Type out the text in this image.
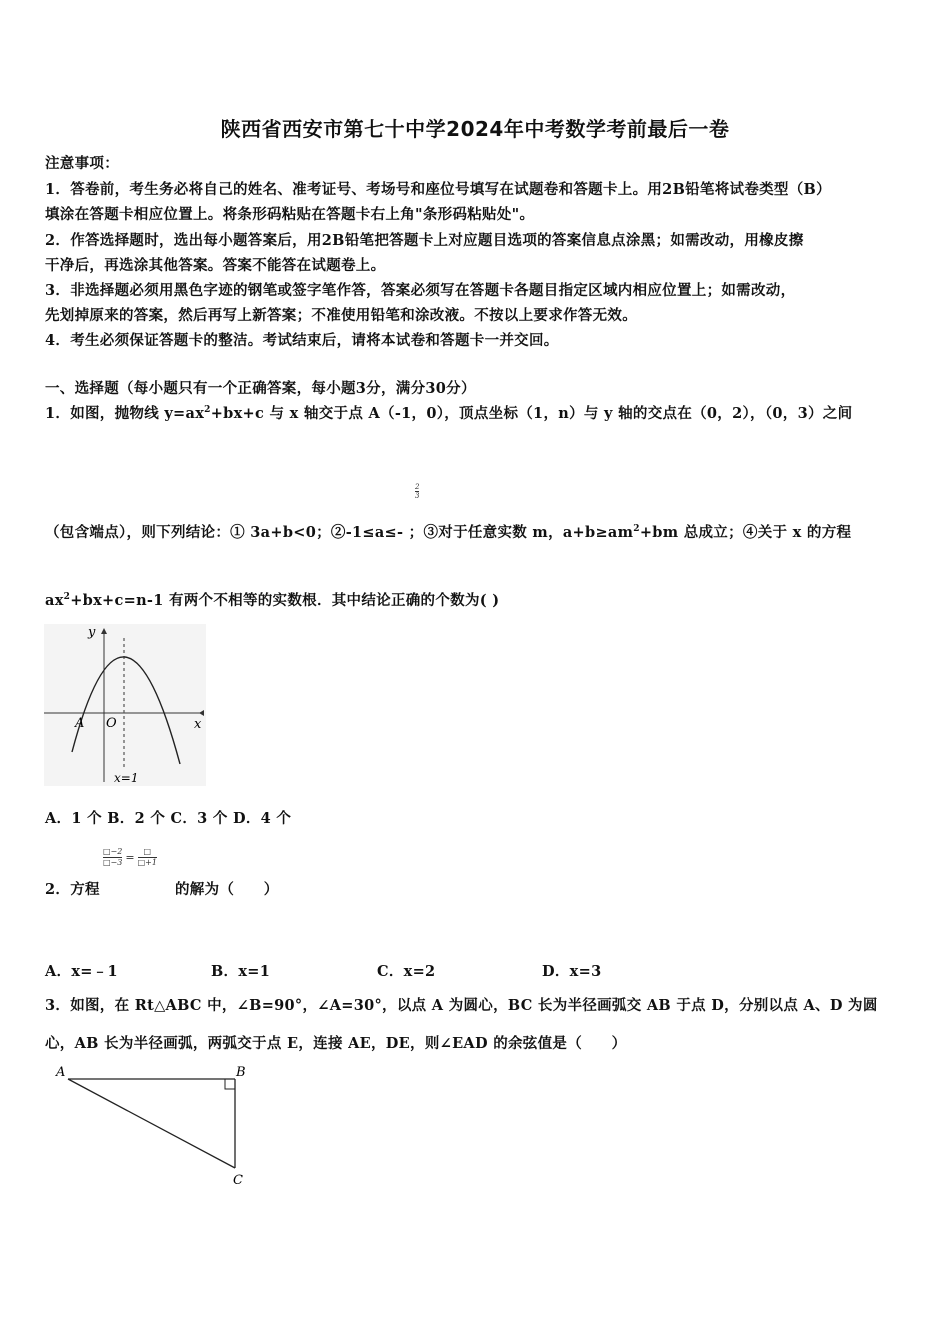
陕西省西安市第七十中学2024年中考数学考前最后一卷
注意事项：
1．答卷前，考生务必将自己的姓名、准考证号、考场号和座位号填写在试题卷和答题卡上。用2B铅笔将试卷类型（B）
填涂在答题卡相应位置上。将条形码粘贴在答题卡右上角"条形码粘贴处"。
2．作答选择题时，选出每小题答案后，用2B铅笔把答题卡上对应题目选项的答案信息点涂黑；如需改动，用橡皮擦
干净后，再选涂其他答案。答案不能答在试题卷上。
3．非选择题必须用黑色字迹的钢笔或签字笔作答，答案必须写在答题卡各题目指定区域内相应位置上；如需改动，
先划掉原来的答案，然后再写上新答案；不准使用铅笔和涂改液。不按以上要求作答无效。
4．考生必须保证答题卡的整洁。考试结束后，请将本试卷和答题卡一并交回。
一、选择题（每小题只有一个正确答案，每小题3分，满分30分）
1．如图，抛物线 $y=ax^2+bx+c$ 与 x 轴交于点 A（-1，0），顶点坐标（1，n）与 y 轴的交点在（0，2），（0，3）之间
$\frac{2}{3}$
（包含端点），则下列结论：① 3a+b<0；②-1≤a≤- ；③对于任意实数 m，$a+b\ge am^2+bm$ 总成立；④关于 x 的方程
$ax^2+bx+c=n-1$ 有两个不相等的实数根．其中结论正确的个数为( )
y
x
A O
x=1
A．1 个 B．2 个 C．3 个 D．4 个
$\frac{□-2}{□-3} = \frac{□}{□+1}$
2．方程	的解为（　　）
A．x=﹣1	B．x=1	C．x=2	D．x=3
3．如图，在 Rt△ABC 中，∠B=90°，∠A=30°，以点 A 为圆心，BC 长为半径画弧交 AB 于点 D，分别以点 A、D 为圆
心，AB 长为半径画弧，两弧交于点 E，连接 AE，DE，则∠EAD 的余弦值是（　　）
A	B
C
